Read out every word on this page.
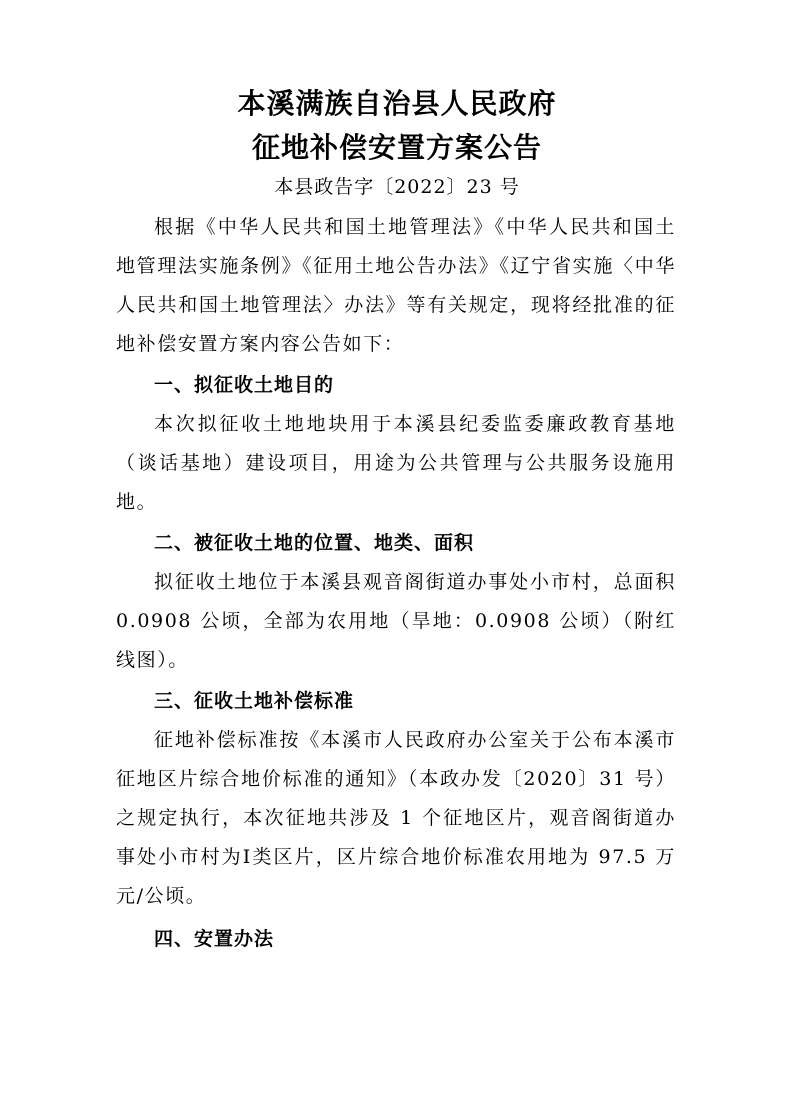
本溪满族自治县人民政府
征地补偿安置方案公告
本县政告字〔2022〕23 号

根据《中华人民共和国土地管理法》《中华人民共和国土地管理法实施条例》《征用土地公告办法》《辽宁省实施〈中华人民共和国土地管理法〉办法》等有关规定，现将经批准的征地补偿安置方案内容公告如下：

一、拟征收土地目的

本次拟征收土地地块用于本溪县纪委监委廉政教育基地（谈话基地）建设项目，用途为公共管理与公共服务设施用地。

二、被征收土地的位置、地类、面积

拟征收土地位于本溪县观音阁街道办事处小市村，总面积 0.0908 公顷，全部为农用地（旱地：0.0908 公顷）（附红线图）。

三、征收土地补偿标准

征地补偿标准按《本溪市人民政府办公室关于公布本溪市征地区片综合地价标准的通知》（本政办发〔2020〕31 号）之规定执行，本次征地共涉及 1 个征地区片，观音阁街道办事处小市村为Ⅰ类区片，区片综合地价标准农用地为 97.5 万元/公顷。

四、安置办法
